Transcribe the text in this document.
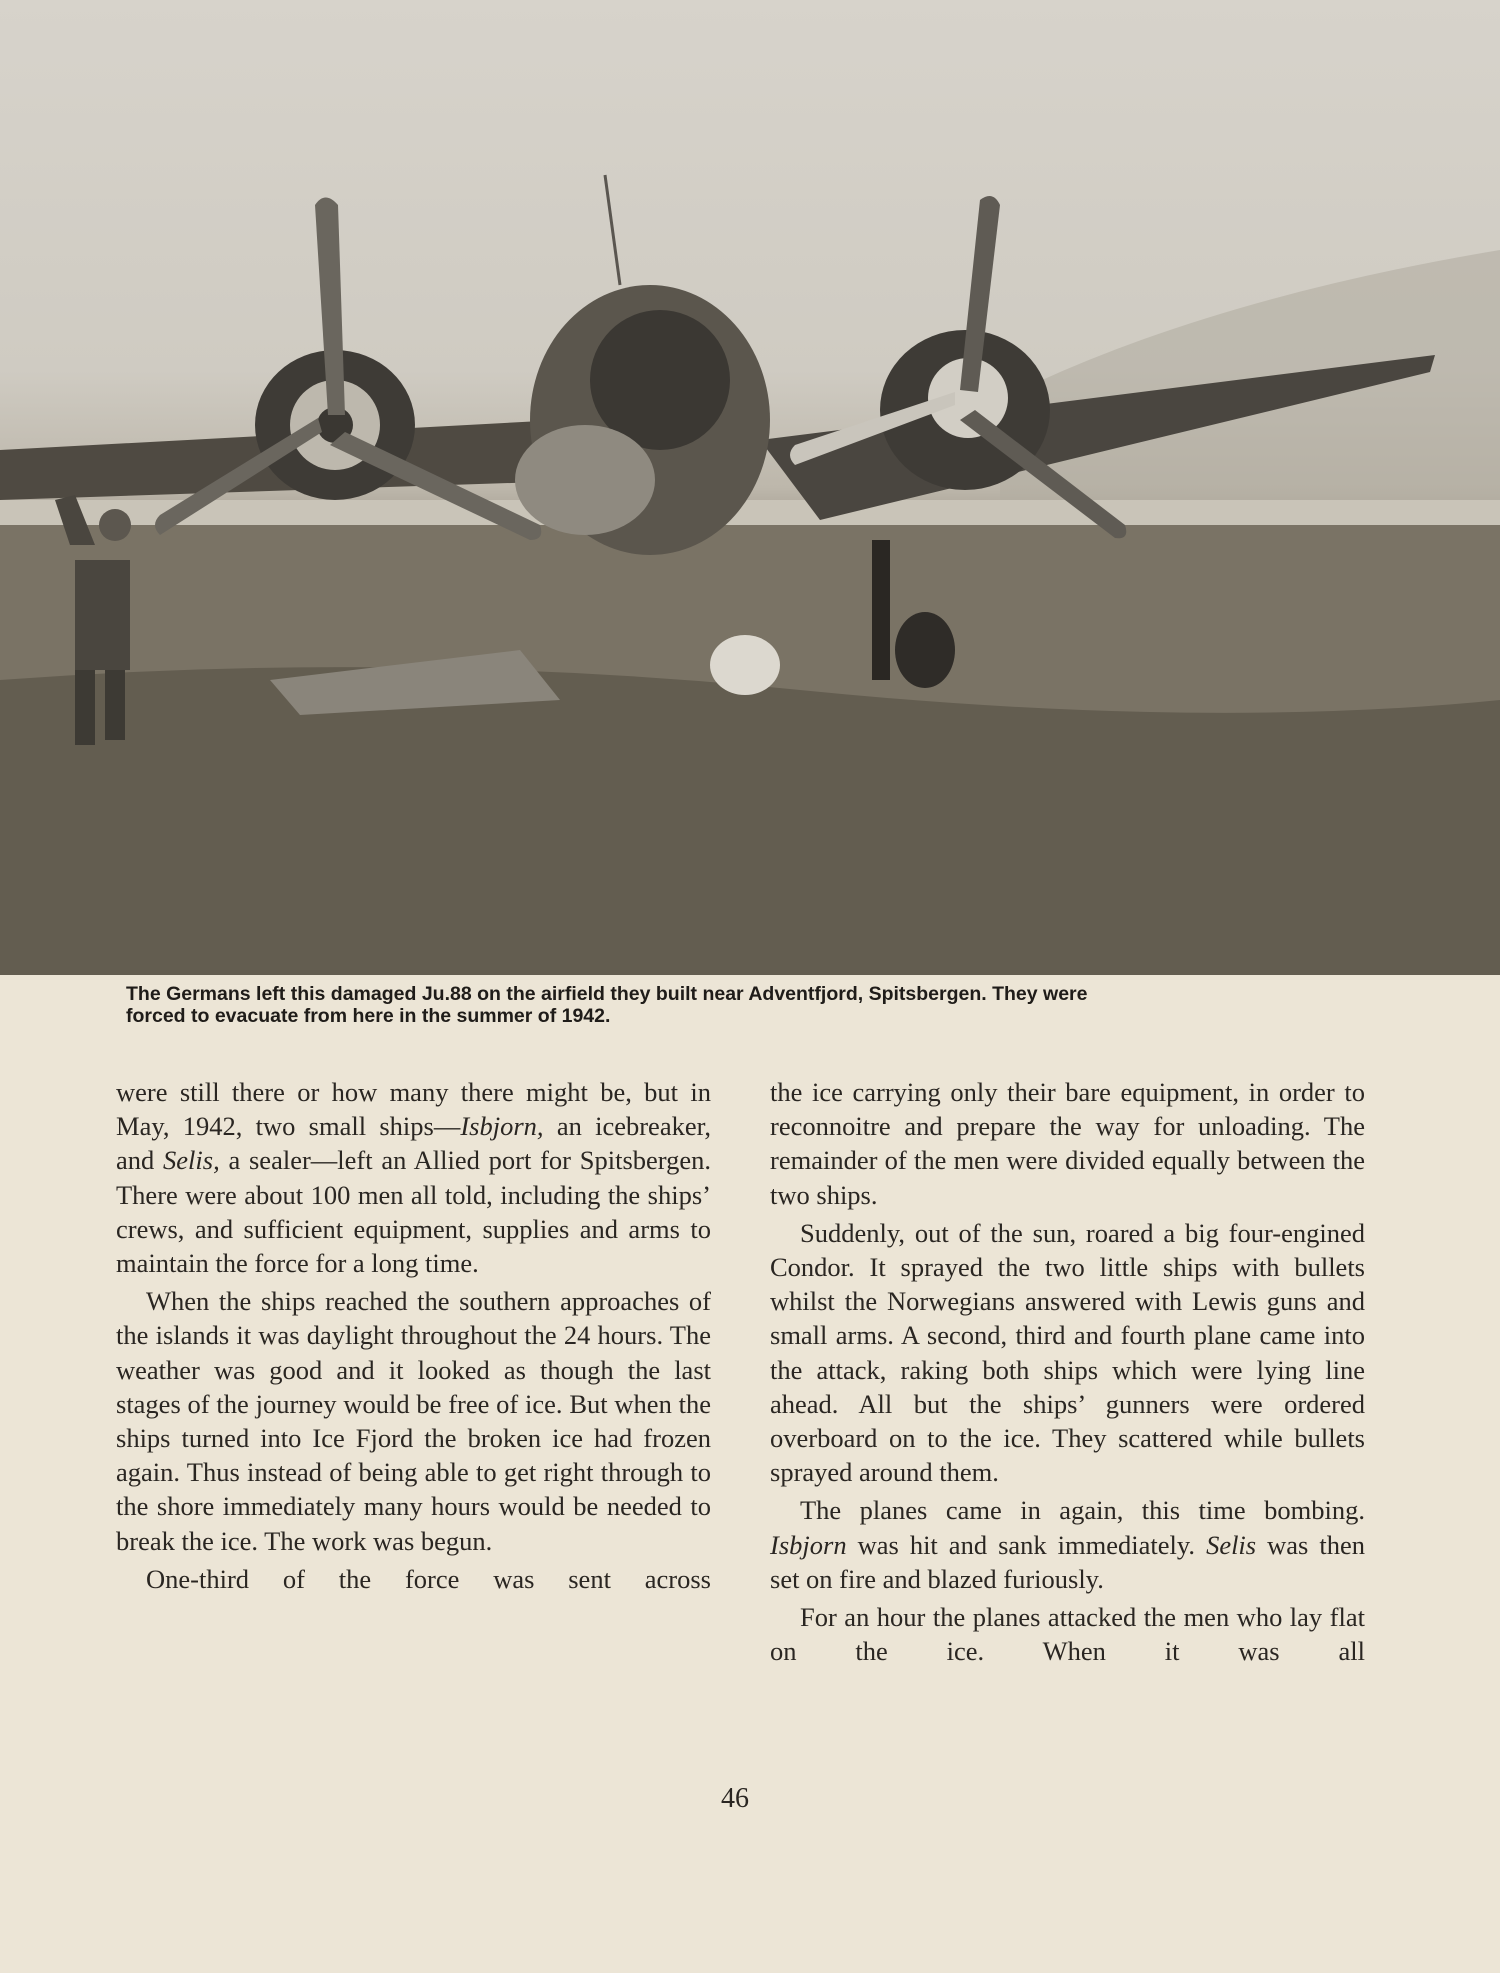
The Germans left this damaged Ju.88 on the airfield they built near Adventfjord, Spitsbergen. They were
forced to evacuate from here in the summer of 1942.

were still there or how many there might be, but in May, 1942, two small ships—Isbjorn, an icebreaker, and Selis, a sealer—left an Allied port for Spitsbergen. There were about 100 men all told, including the ships’ crews, and sufficient equipment, supplies and arms to maintain the force for a long time.

When the ships reached the southern approaches of the islands it was daylight throughout the 24 hours. The weather was good and it looked as though the last stages of the journey would be free of ice. But when the ships turned into Ice Fjord the broken ice had frozen again. Thus instead of being able to get right through to the shore immediately many hours would be needed to break the ice. The work was begun.

One-third of the force was sent across

the ice carrying only their bare equipment, in order to reconnoitre and prepare the way for unloading. The remainder of the men were divided equally between the two ships.

Suddenly, out of the sun, roared a big four-engined Condor. It sprayed the two little ships with bullets whilst the Norwegians answered with Lewis guns and small arms. A second, third and fourth plane came into the attack, raking both ships which were lying line ahead. All but the ships’ gunners were ordered overboard on to the ice. They scattered while bullets sprayed around them.

The planes came in again, this time bombing. Isbjorn was hit and sank immediately. Selis was then set on fire and blazed furiously.

For an hour the planes attacked the men who lay flat on the ice. When it was all

46
